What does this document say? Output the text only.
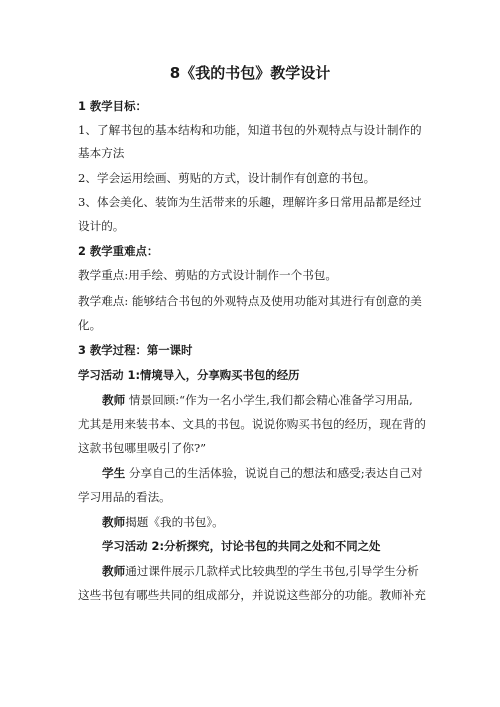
8《我的书包》教学设计
1 教学目标：
1、了解书包的基本结构和功能，知道书包的外观特点与设计制作的
基本方法
2、学会运用绘画、剪贴的方式，设计制作有创意的书包。
3、体会美化、装饰为生活带来的乐趣，理解许多日常用品都是经过
设计的。
2 教学重难点：
教学重点:用手绘、剪贴的方式设计制作一个书包。
教学难点: 能够结合书包的外观特点及使用功能对其进行有创意的美
化。
3 教学过程：第一课时
学习活动 1:情境导入，分享购买书包的经历
教师 情景回顾:“作为一名小学生,我们都会精心准备学习用品,
尤其是用来装书本、文具的书包。说说你购买书包的经历，现在背的
这款书包哪里吸引了你?”
学生 分享自己的生活体验，说说自己的想法和感受;表达自己对
学习用品的看法。
教师揭题《我的书包》。
学习活动 2:分析探究，讨论书包的共同之处和不同之处
教师通过课件展示几款样式比较典型的学生书包,引导学生分析
这些书包有哪些共同的组成部分，并说说这些部分的功能。教师补充
